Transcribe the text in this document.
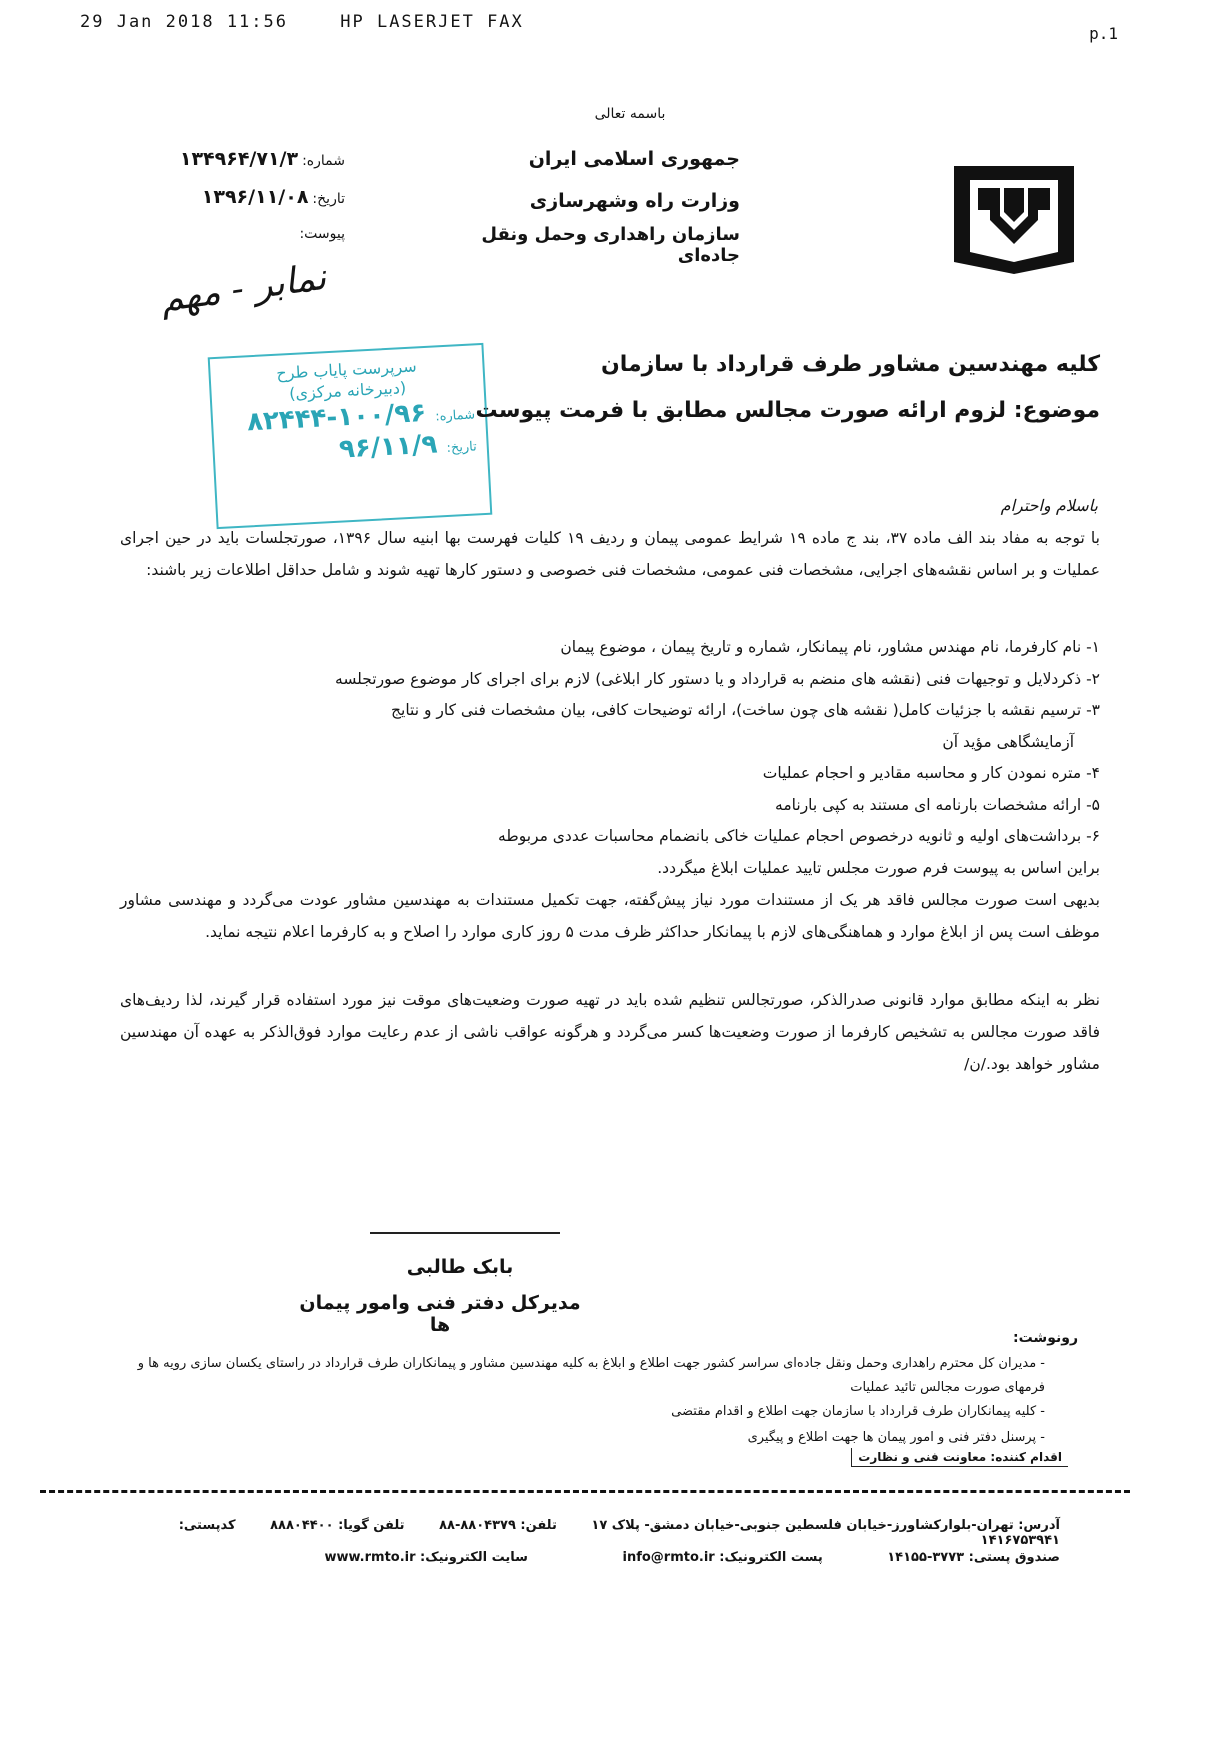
29 Jan 2018 11:56	HP LASERJET FAX
p.1
باسمه تعالی
جمهوری اسلامی ایران
وزارت راه وشهرسازی
سازمان راهداری وحمل ونقل جاده‌ای
شماره:۱۳۴۹۶۴/۷۱/۳
تاریخ:۱۳۹۶/۱۱/۰۸
پیوست:
نمابر - مهم
سرپرست پایاب طرح
(دبیرخانه مرکزی)
شماره: ۱۰۰/۹۶-۸۲۴۴۴
تاریخ: ۹۶/۱۱/۹
کلیه مهندسین مشاور طرف قرارداد با سازمان
موضوع: لزوم ارائه صورت مجالس مطابق با فرمت پیوست
باسلام واحترام
با توجه به مفاد بند الف ماده ۳۷، بند ج ماده ۱۹ شرایط عمومی پیمان و ردیف ۱۹ کلیات فهرست بها ابنیه سال ۱۳۹۶، صورتجلسات باید در حین اجرای عملیات و بر اساس نقشه‌های اجرایی، مشخصات فنی عمومی، مشخصات فنی خصوصی و دستور کارها تهیه شوند و شامل حداقل اطلاعات زیر باشند:
۱- نام کارفرما، نام مهندس مشاور، نام پیمانکار، شماره و تاریخ پیمان ، موضوع پیمان
۲- ذکردلایل و توجیهات فنی (نقشه های منضم به قرارداد و یا دستور کار ابلاغی) لازم برای اجرای کار موضوع صورتجلسه
۳- ترسیم نقشه با جزئیات کامل( نقشه های چون ساخت)، ارائه توضیحات کافی، بیان مشخصات فنی کار و نتایج
آزمایشگاهی مؤید آن
۴- متره نمودن کار و محاسبه مقادیر و احجام عملیات
۵- ارائه مشخصات بارنامه ای مستند به کپی بارنامه
۶- برداشت‌های اولیه و ثانویه درخصوص احجام عملیات خاکی بانضمام محاسبات عددی مربوطه
براین اساس به پیوست فرم صورت مجلس تایید عملیات ابلاغ میگردد.
بدیهی است صورت مجالس فاقد هر یک از مستندات مورد نیاز پیش‌گفته، جهت تکمیل مستندات به مهندسین مشاور عودت می‌گردد و مهندسی مشاور موظف است پس از ابلاغ موارد و هماهنگی‌های لازم با پیمانکار حداکثر ظرف مدت ۵ روز کاری موارد را اصلاح و به کارفرما اعلام نتیجه نماید.
نظر به اینکه مطابق موارد قانونی صدرالذکر، صورتجالس تنظیم شده باید در تهیه صورت وضعیت‌های موقت نیز مورد استفاده قرار گیرند، لذا ردیف‌های فاقد صورت مجالس به تشخیص کارفرما از صورت وضعیت‌ها کسر می‌گردد و هرگونه عواقب ناشی از عدم رعایت موارد فوق‌الذکر به عهده آن مهندسین مشاور خواهد بود./ن/
بابک طالبی
مدیرکل دفتر فنی وامور پیمان ها
رونوشت:
- مدیران کل محترم راهداری وحمل ونقل جاده‌ای سراسر کشور جهت اطلاع و ابلاغ به کلیه مهندسین مشاور و پیمانکاران طرف قرارداد در راستای یکسان سازی رویه ها و فرمهای صورت مجالس تائید عملیات
- کلیه پیمانکاران طرف قرارداد با سازمان جهت اطلاع و اقدام مقتضی
- پرسنل دفتر فنی و امور پیمان ها جهت اطلاع و پیگیری
اقدام کننده: معاونت فنی و نظارت
آدرس: تهران-بلوارکشاورز-خیابان فلسطین جنوبی-خیابان دمشق- پلاک ۱۷ تلفن: ۸۸۰۴۳۷۹-۸۸ تلفن گویا: ۸۸۸۰۴۴۰۰ کدپستی: ۱۴۱۶۷۵۳۹۴۱
صندوق پستی: ۳۷۷۳-۱۴۱۵۵ پست الکترونیک: info@rmto.ir سایت الکترونیک: www.rmto.ir
